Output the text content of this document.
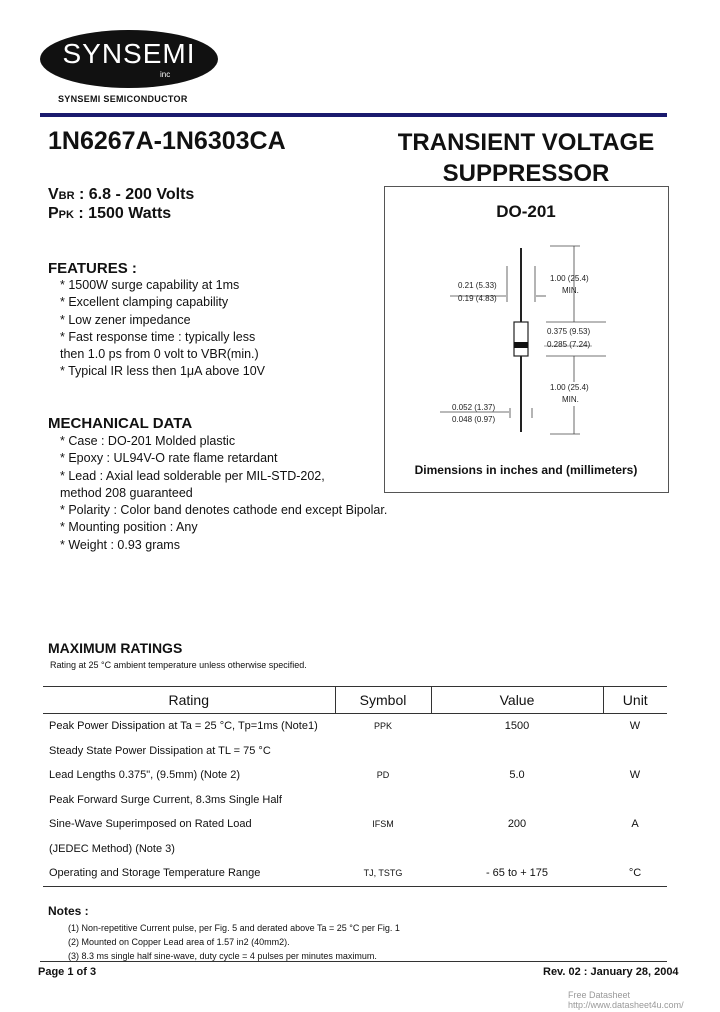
SYNSEMI
inc
SYNSEMI SEMICONDUCTOR
1N6267A-1N6303CA	TRANSIENT VOLTAGE
SUPPRESSOR
VBR : 6.8 - 200 Volts
PPK : 1500 Watts
FEATURES :
* 1500W surge capability at 1ms
* Excellent clamping capability
* Low zener impedance
* Fast response time : typically less
then 1.0 ps from 0 volt to VBR(min.)
* Typical IR less then 1μA above 10V
MECHANICAL DATA
* Case : DO-201 Molded plastic
* Epoxy : UL94V-O rate flame retardant
* Lead : Axial lead solderable per MIL-STD-202,
method 208 guaranteed
* Polarity : Color band denotes cathode end except Bipolar.
* Mounting position : Any
* Weight : 0.93 grams
DO-201
0.21 (5.33)
0.19 (4.83)
1.00 (25.4)
MIN.
0.375 (9.53)
0.285 (7.24)
1.00 (25.4)
MIN.
0.052 (1.37)
0.048 (0.97)
Dimensions in inches and (millimeters)
MAXIMUM RATINGS
Rating at 25 °C ambient temperature unless otherwise specified.
Rating	Symbol	Value	Unit
Peak Power Dissipation at Ta = 25 °C, Tp=1ms (Note1)	PPK	1500	W
Steady State Power Dissipation at TL = 75 °C			
Lead Lengths 0.375", (9.5mm) (Note 2)	PD	5.0	W
Peak Forward Surge Current, 8.3ms Single Half			
Sine-Wave Superimposed on Rated Load	IFSM	200	A
(JEDEC Method) (Note 3)			
Operating and Storage Temperature Range	TJ, TSTG	- 65 to + 175	°C
Notes :
(1) Non-repetitive Current pulse, per Fig. 5 and derated above Ta = 25 °C per Fig. 1
(2) Mounted on Copper Lead area of 1.57 in2 (40mm2).
(3) 8.3 ms single half sine-wave, duty cycle = 4 pulses per minutes maximum.
Page 1 of 3	Rev. 02 : January 28, 2004
Free Datasheet http://www.datasheet4u.com/
